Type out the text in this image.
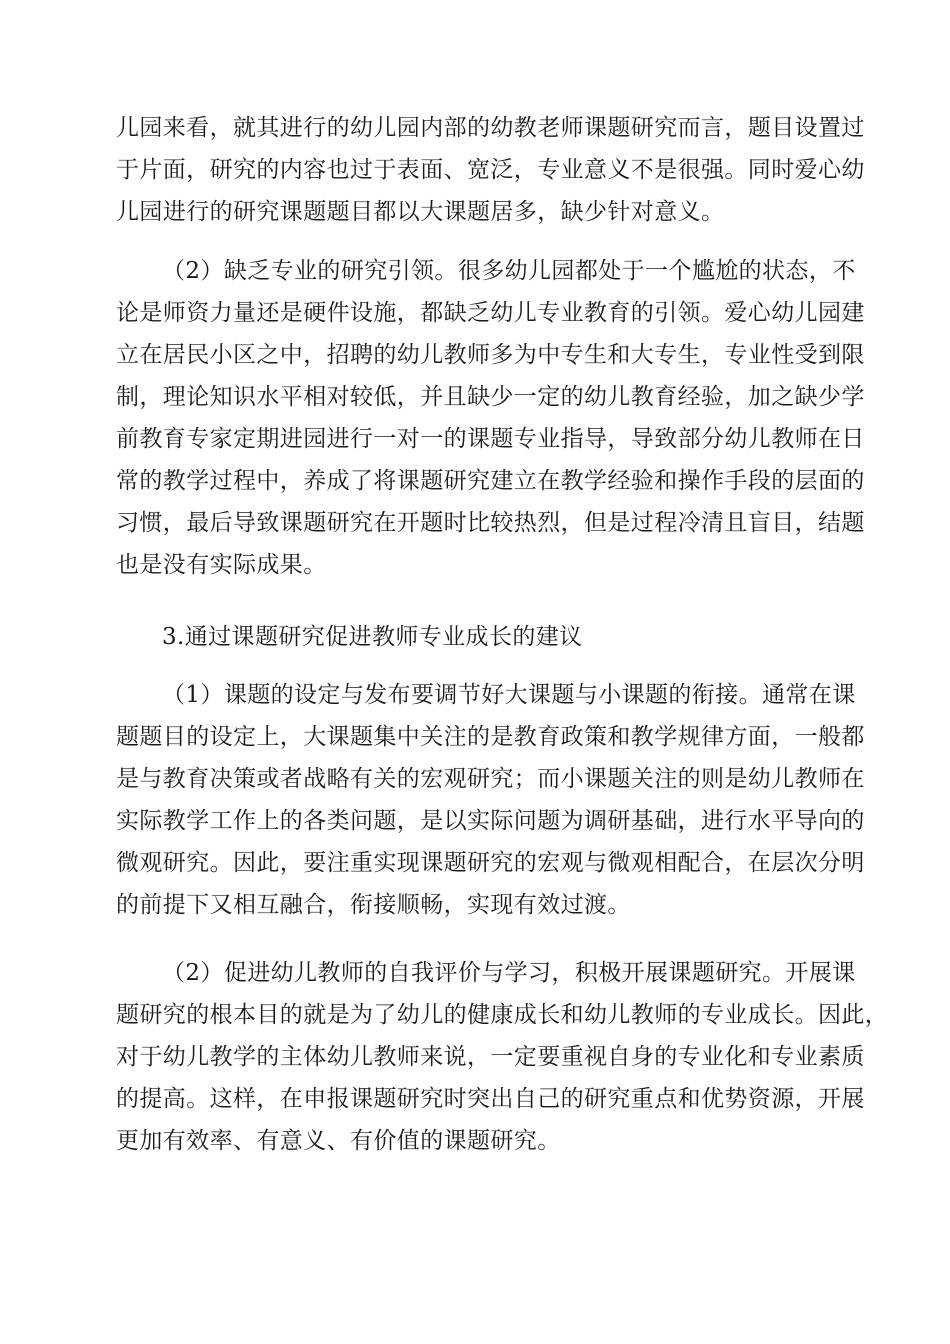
儿园来看，就其进行的幼儿园内部的幼教老师课题研究而言，题目设置过
于片面，研究的内容也过于表面、宽泛，专业意义不是很强。同时爱心幼
儿园进行的研究课题题目都以大课题居多，缺少针对意义。
（2）缺乏专业的研究引领。很多幼儿园都处于一个尴尬的状态，不
论是师资力量还是硬件设施，都缺乏幼儿专业教育的引领。爱心幼儿园建
立在居民小区之中，招聘的幼儿教师多为中专生和大专生，专业性受到限
制，理论知识水平相对较低，并且缺少一定的幼儿教育经验，加之缺少学
前教育专家定期进园进行一对一的课题专业指导，导致部分幼儿教师在日
常的教学过程中，养成了将课题研究建立在教学经验和操作手段的层面的
习惯，最后导致课题研究在开题时比较热烈，但是过程冷清且盲目，结题
也是没有实际成果。
3.通过课题研究促进教师专业成长的建议
（1）课题的设定与发布要调节好大课题与小课题的衔接。通常在课
题题目的设定上，大课题集中关注的是教育政策和教学规律方面，一般都
是与教育决策或者战略有关的宏观研究；而小课题关注的则是幼儿教师在
实际教学工作上的各类问题，是以实际问题为调研基础，进行水平导向的
微观研究。因此，要注重实现课题研究的宏观与微观相配合，在层次分明
的前提下又相互融合，衔接顺畅，实现有效过渡。
（2）促进幼儿教师的自我评价与学习，积极开展课题研究。开展课
题研究的根本目的就是为了幼儿的健康成长和幼儿教师的专业成长。因此，
对于幼儿教学的主体幼儿教师来说，一定要重视自身的专业化和专业素质
的提高。这样，在申报课题研究时突出自己的研究重点和优势资源，开展
更加有效率、有意义、有价值的课题研究。
